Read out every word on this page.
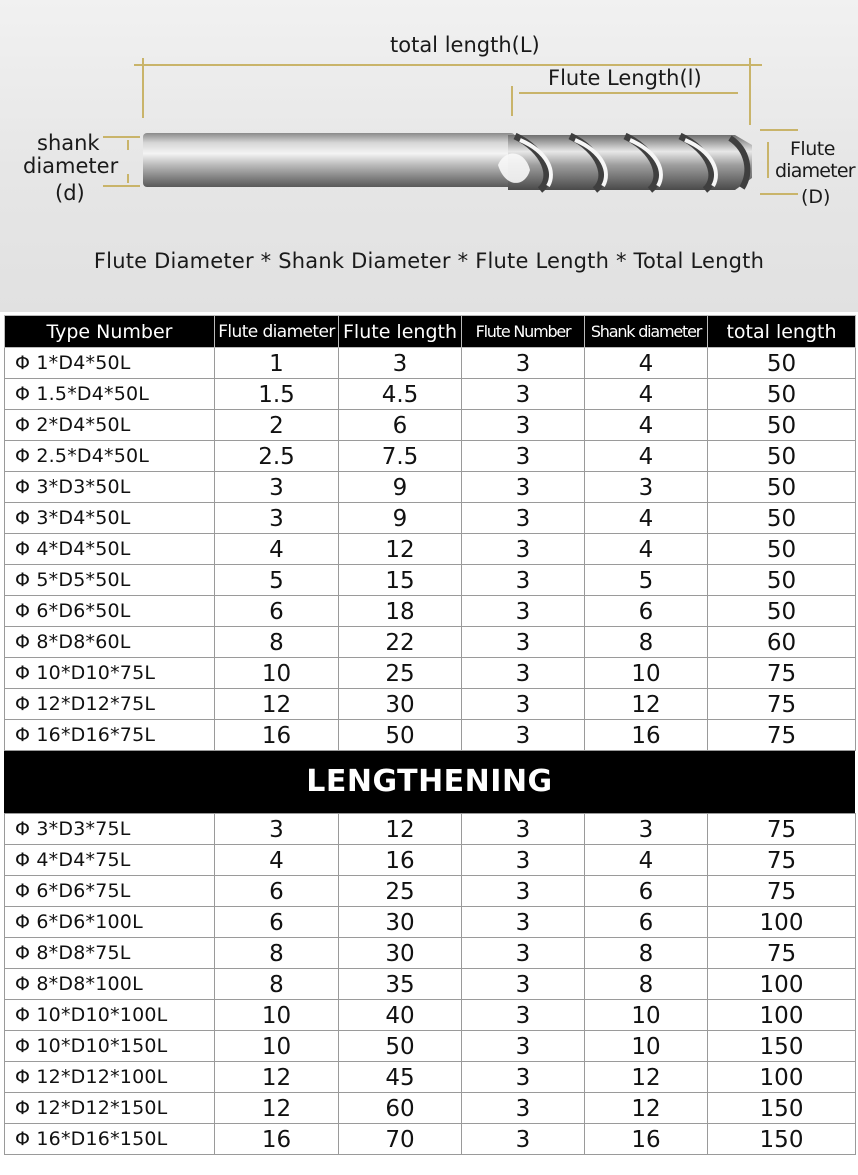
total length(L)
Flute Length(l)
shank
diameter
(d)
Flute
diameter
(D)
Flute Diameter * Shank Diameter * Flute Length * Total Length
Type Number	Flute diameter	Flute length	Flute Number	Shank diameter	total length
Φ 1*D4*50L	1	3	3	4	50
Φ 1.5*D4*50L	1.5	4.5	3	4	50
Φ 2*D4*50L	2	6	3	4	50
Φ 2.5*D4*50L	2.5	7.5	3	4	50
Φ 3*D3*50L	3	9	3	3	50
Φ 3*D4*50L	3	9	3	4	50
Φ 4*D4*50L	4	12	3	4	50
Φ 5*D5*50L	5	15	3	5	50
Φ 6*D6*50L	6	18	3	6	50
Φ 8*D8*60L	8	22	3	8	60
Φ 10*D10*75L	10	25	3	10	75
Φ 12*D12*75L	12	30	3	12	75
Φ 16*D16*75L	16	50	3	16	75
LENGTHENING
Φ 3*D3*75L	3	12	3	3	75
Φ 4*D4*75L	4	16	3	4	75
Φ 6*D6*75L	6	25	3	6	75
Φ 6*D6*100L	6	30	3	6	100
Φ 8*D8*75L	8	30	3	8	75
Φ 8*D8*100L	8	35	3	8	100
Φ 10*D10*100L	10	40	3	10	100
Φ 10*D10*150L	10	50	3	10	150
Φ 12*D12*100L	12	45	3	12	100
Φ 12*D12*150L	12	60	3	12	150
Φ 16*D16*150L	16	70	3	16	150
